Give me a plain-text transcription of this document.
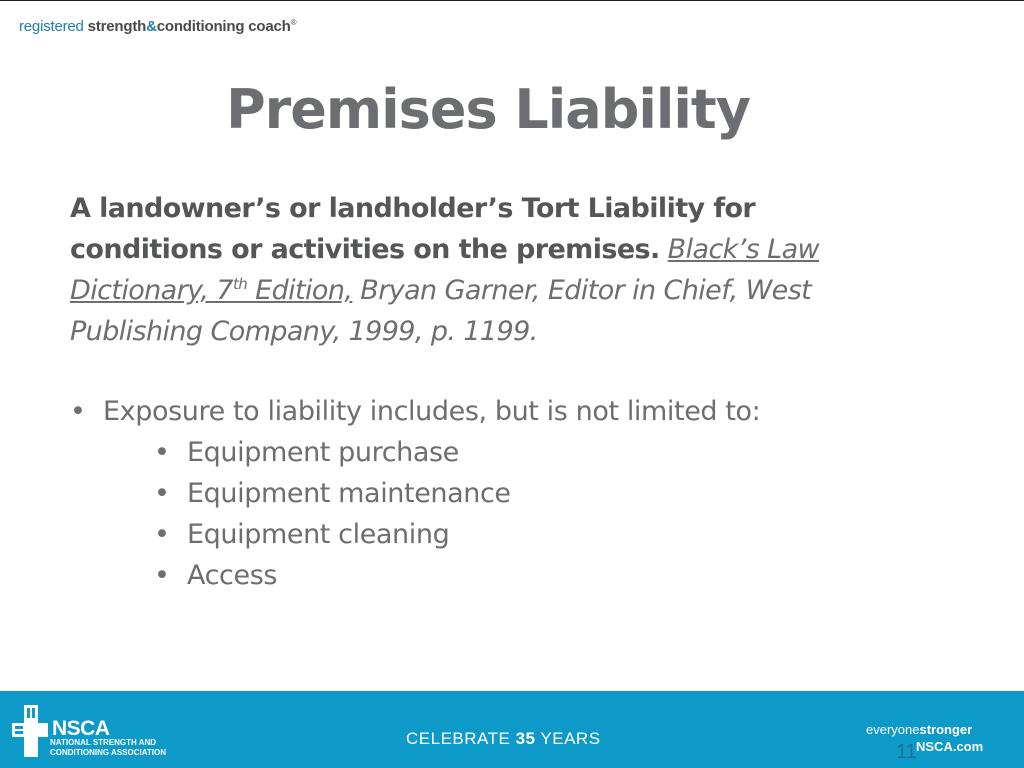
registered strength&conditioning coach®
Premises Liability
A landowner’s or landholder’s Tort Liability for conditions or activities on the premises. Black’s Law Dictionary, 7th Edition, Bryan Garner, Editor in Chief, West Publishing Company, 1999, p. 1199.
• Exposure to liability includes, but is not limited to:
• Equipment purchase
• Equipment maintenance
• Equipment cleaning
• Access
NSCA
NATIONAL STRENGTH AND
CONDITIONING ASSOCIATION
CELEBRATE 35 YEARS	everyonestronger
11 NSCA.com
